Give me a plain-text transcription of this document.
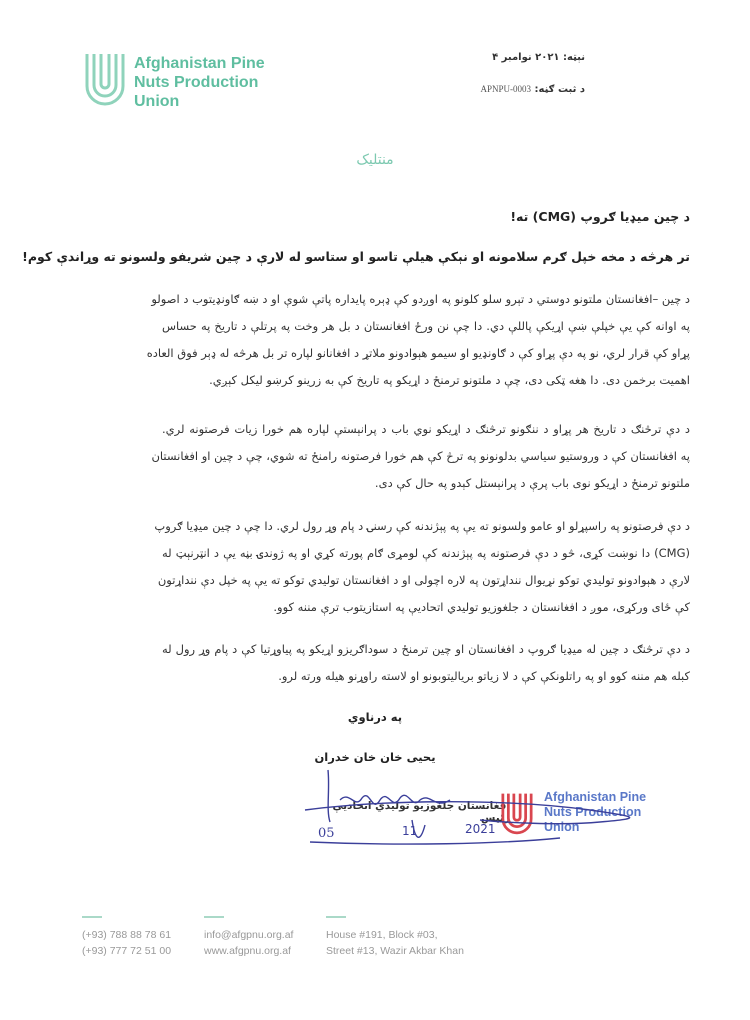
Afghanistan Pine
Nuts Production
Union
نېټه: ۲۰۲۱ نوامبر ۴
د ثبت ګڼه: APNPU-0003
منتلیک
د چین میډیا ګروپ (CMG) ته!
تر هرڅه د مخه خپل ګرم سلامونه او نېکې هیلې تاسو او ستاسو له لارې د چین شریفو ولسونو ته وړاندې کوم!
د چین –افغانستان ملتونو دوستي د تېرو سلو کلونو په اوږدو کې ډېره پایداره پاتې شوې او د ښه ګاونډیتوب د اصولو
په اوانه کې یې خپلې ښې اړیکې پاللې دي. دا چې نن ورځ افغانستان د بل هر وخت په پرتلې د تاریخ په حساس
پړاو کې قرار لري، نو په دې پړاو کې د ګاونډیو او سیمو هېوادونو ملاتړ د افغانانو لپاره تر بل هرڅه له ډېر فوق العاده
اهمیت برخمن دی. دا هغه ټکی دی، چې د ملتونو ترمنځ د اړیکو په تاریخ کې به زرینو کرښو لیکل کېږي.
د دې ترڅنګ د تاریخ هر پړاو د ننګونو ترڅنګ د اړیکو نوي باب د پرانېستې لپاره هم خورا زیات فرصتونه لري.
په افغانستان کې د وروستیو سیاسي بدلونونو په ترڅ کې هم خورا فرصتونه رامنځ ته شوي، چې د چین او افغانستان
ملتونو ترمنځ د اړیکو نوی باب پرې د پرانېستل کېدو په حال کې دی.
د دې فرصتونو په راسپړلو او عامو ولسونو ته یې په پېژندنه کې رسنۍ د پام وړ رول لري. دا چې د چین میډیا ګروپ
(CMG) دا نوښت کړی، څو د دې فرصتونه په پېژندنه کې لومړی ګام پورته کړي او په ژوندۍ بڼه یې د انټرنېټ له
لارې د هېوادونو تولیدي توکو نړیوال ننداړتون په لاره اچولی او د افغانستان تولیدي توکو ته یې په خپل دې ننداړتون
کې ځای ورکړی، موږ د افغانستان د جلغوزیو تولیدي اتحادیې په استازیتوب ترې مننه کوو.
د دې ترڅنګ د چین له میډیا ګروپ د افغانستان او چین ترمنځ د سوداګریزو اړیکو په پیاوړتیا کې د پام وړ رول له
کبله هم مننه کوو او په راتلونکې کې د لا زیاتو بریالیتوبونو او لاسته راوړنو هیله ورته لرو.
په درناوي
یحیی خان خان خدران
افغانستان جلغوزیو تولیدي اتحادیې رئیس
Afghanistan Pine
Nuts Production
Union
05	11	2021
(+93) 788 88 78 61
(+93) 777 72 51 00
info@afgpnu.org.af
www.afgpnu.org.af
House #191, Block #03,
Street #13, Wazir Akbar Khan
